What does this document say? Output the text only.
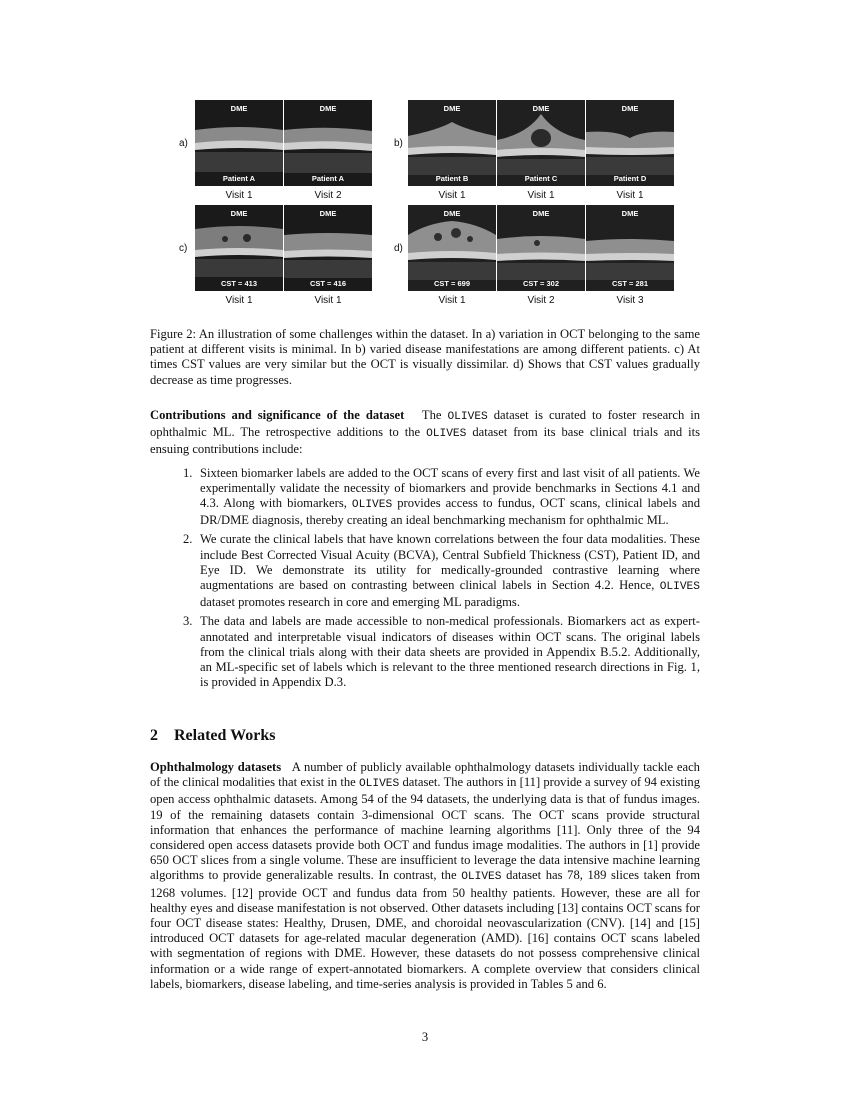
a)	b)
c)	d)
DME
Patient A
DME
Patient A
Visit 1	Visit 2
DME
Patient B
DME
Patient C
DME
Patient D
Visit 1	Visit 1	Visit 1
DME
CST = 413
DME
CST = 416
Visit 1	Visit 1
DME
CST = 699
DME
CST = 302
DME
CST = 281
Visit 1	Visit 2	Visit 3

Figure 2: An illustration of some challenges within the dataset. In a) variation in OCT belonging to the same patient at different visits is minimal. In b) varied disease manifestations are among different patients. c) At times CST values are very similar but the OCT is visually dissimilar. d) Shows that CST values gradually decrease as time progresses.

Contributions and significance of the dataset The OLIVES dataset is curated to foster research in ophthalmic ML. The retrospective additions to the OLIVES dataset from its base clinical trials and its ensuing contributions include:

1. Sixteen biomarker labels are added to the OCT scans of every first and last visit of all patients. We experimentally validate the necessity of biomarkers and provide benchmarks in Sections 4.1 and 4.3. Along with biomarkers, OLIVES provides access to fundus, OCT scans, clinical labels and DR/DME diagnosis, thereby creating an ideal benchmarking mechanism for ophthalmic ML.
2. We curate the clinical labels that have known correlations between the four data modalities. These include Best Corrected Visual Acuity (BCVA), Central Subfield Thickness (CST), Patient ID, and Eye ID. We demonstrate its utility for medically-grounded contrastive learning where augmentations are based on contrasting between clinical labels in Section 4.2. Hence, OLIVES dataset promotes research in core and emerging ML paradigms.
3. The data and labels are made accessible to non-medical professionals. Biomarkers act as expert-annotated and interpretable visual indicators of diseases within OCT scans. The original labels from the clinical trials along with their data sheets are provided in Appendix B.5.2. Additionally, an ML-specific set of labels which is relevant to the three mentioned research directions in Fig. 1, is provided in Appendix D.3.
2 Related Works

Ophthalmology datasets A number of publicly available ophthalmology datasets individually tackle each of the clinical modalities that exist in the OLIVES dataset. The authors in [11] provide a survey of 94 existing open access ophthalmic datasets. Among 54 of the 94 datasets, the underlying data is that of fundus images. 19 of the remaining datasets contain 3-dimensional OCT scans. The OCT scans provide structural information that enhances the performance of machine learning algorithms [11]. Only three of the 94 considered open access datasets provide both OCT and fundus image modalities. The authors in [1] provide 650 OCT slices from a single volume. These are insufficient to leverage the data intensive machine learning algorithms to provide generalizable results. In contrast, the OLIVES dataset has 78, 189 slices taken from 1268 volumes. [12] provide OCT and fundus data from 50 healthy patients. However, these are all for healthy eyes and disease manifestation is not observed. Other datasets including [13] contains OCT scans for four OCT disease states: Healthy, Drusen, DME, and choroidal neovascularization (CNV). [14] and [15] introduced OCT datasets for age-related macular degeneration (AMD). [16] contains OCT scans labeled with segmentation of regions with DME. However, these datasets do not possess comprehensive clinical information or a wide range of expert-annotated biomarkers. A complete overview that considers clinical labels, biomarkers, disease labeling, and time-series analysis is provided in Tables 5 and 6.

3
